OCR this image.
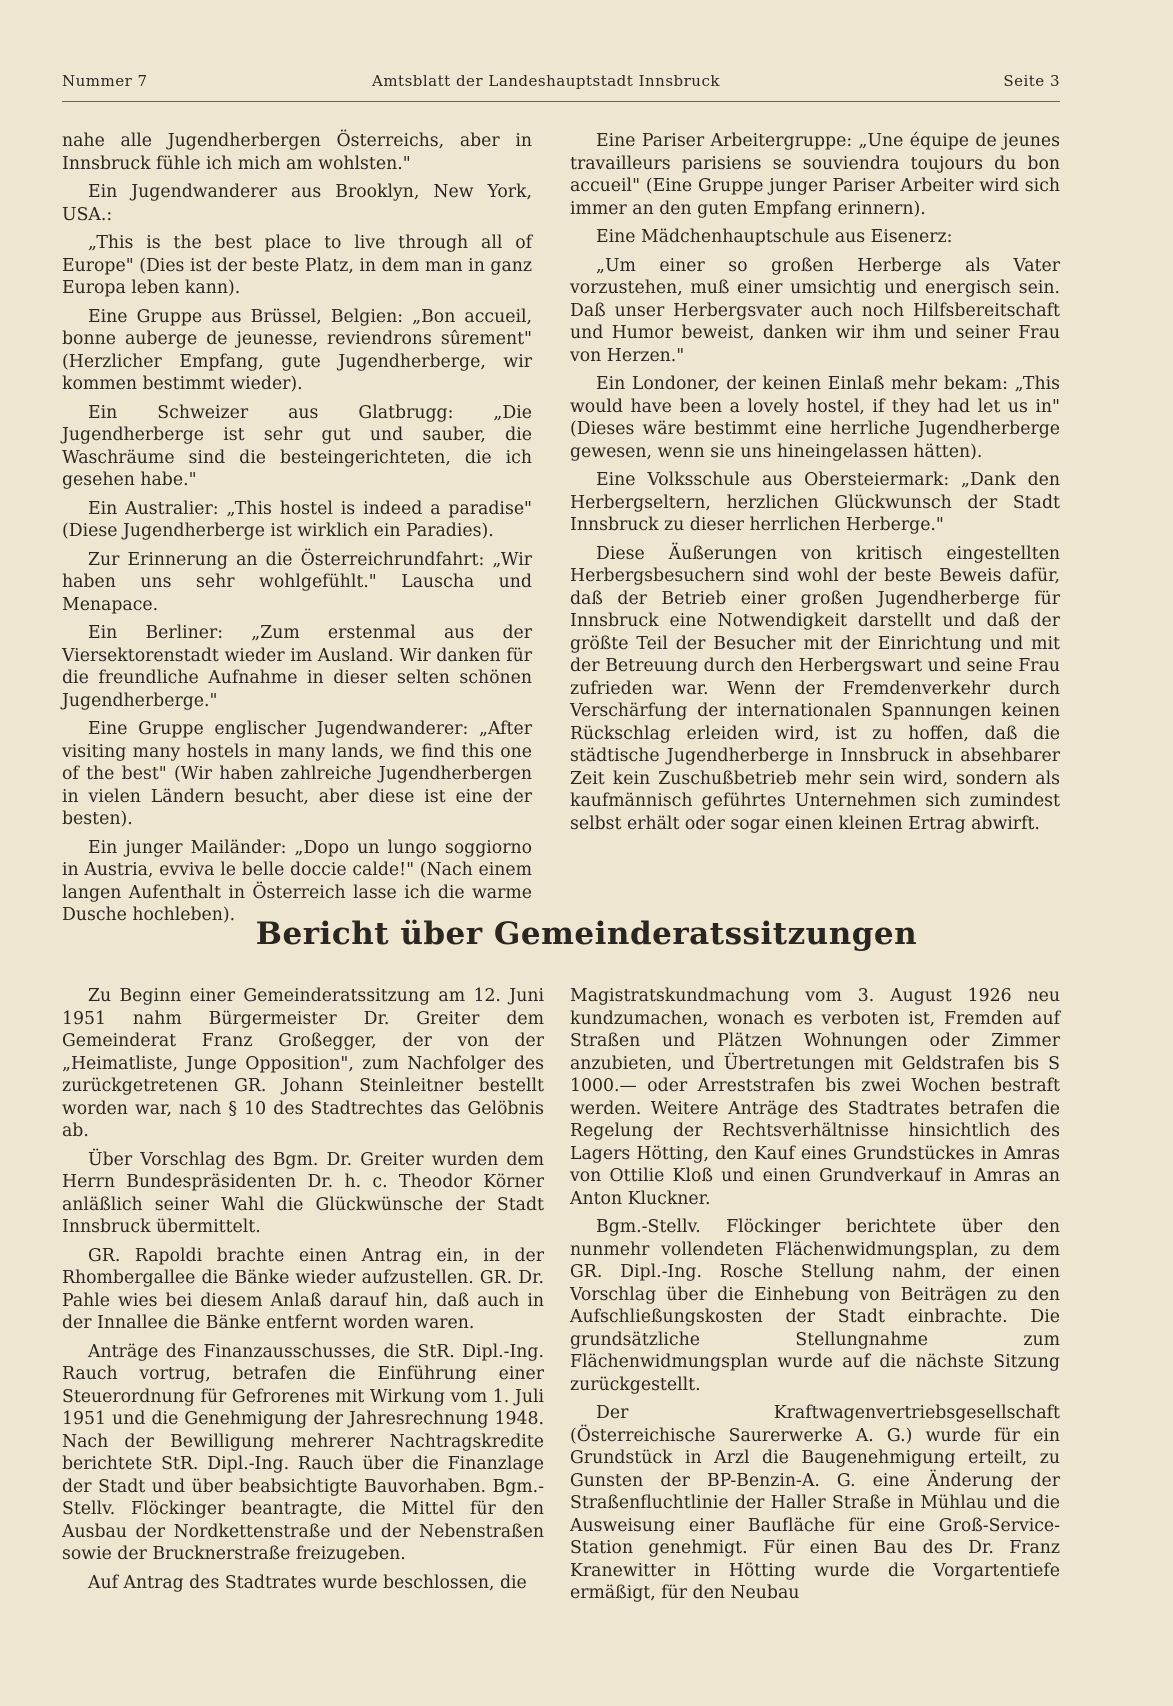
Nummer 7	Amtsblatt der Landeshauptstadt Innsbruck	Seite 3

nahe alle Jugendherbergen Österreichs, aber in Innsbruck fühle ich mich am wohlsten."

Ein Jugendwanderer aus Brooklyn, New York, USA.:

„This is the best place to live through all of Europe" (Dies ist der beste Platz, in dem man in ganz Europa leben kann).

Eine Gruppe aus Brüssel, Belgien: „Bon accueil, bonne auberge de jeunesse, reviendrons sûrement" (Herzlicher Empfang, gute Jugendherberge, wir kommen bestimmt wieder).

Ein Schweizer aus Glatbrugg: „Die Jugendherberge ist sehr gut und sauber, die Waschräume sind die besteingerichteten, die ich gesehen habe."

Ein Australier: „This hostel is indeed a paradise" (Diese Jugendherberge ist wirklich ein Paradies).

Zur Erinnerung an die Österreichrundfahrt: „Wir haben uns sehr wohlgefühlt." Lauscha und Menapace.

Ein Berliner: „Zum erstenmal aus der Viersektorenstadt wieder im Ausland. Wir danken für die freundliche Aufnahme in dieser selten schönen Jugendherberge."

Eine Gruppe englischer Jugendwanderer: „After visiting many hostels in many lands, we find this one of the best" (Wir haben zahlreiche Jugendherbergen in vielen Ländern besucht, aber diese ist eine der besten).

Ein junger Mailänder: „Dopo un lungo soggiorno in Austria, evviva le belle doccie calde!" (Nach einem langen Aufenthalt in Österreich lasse ich die warme Dusche hochleben).

Eine Pariser Arbeitergruppe: „Une équipe de jeunes travailleurs parisiens se souviendra toujours du bon accueil" (Eine Gruppe junger Pariser Arbeiter wird sich immer an den guten Empfang erinnern).

Eine Mädchenhauptschule aus Eisenerz:

„Um einer so großen Herberge als Vater vorzustehen, muß einer umsichtig und energisch sein. Daß unser Herbergsvater auch noch Hilfsbereitschaft und Humor beweist, danken wir ihm und seiner Frau von Herzen."

Ein Londoner, der keinen Einlaß mehr bekam: „This would have been a lovely hostel, if they had let us in" (Dieses wäre bestimmt eine herrliche Jugendherberge gewesen, wenn sie uns hineingelassen hätten).

Eine Volksschule aus Obersteiermark: „Dank den Herbergseltern, herzlichen Glückwunsch der Stadt Innsbruck zu dieser herrlichen Herberge."

Diese Äußerungen von kritisch eingestellten Herbergsbesuchern sind wohl der beste Beweis dafür, daß der Betrieb einer großen Jugendherberge für Innsbruck eine Notwendigkeit darstellt und daß der größte Teil der Besucher mit der Einrichtung und mit der Betreuung durch den Herbergswart und seine Frau zufrieden war. Wenn der Fremdenverkehr durch Verschärfung der internationalen Spannungen keinen Rückschlag erleiden wird, ist zu hoffen, daß die städtische Jugendherberge in Innsbruck in absehbarer Zeit kein Zuschußbetrieb mehr sein wird, sondern als kaufmännisch geführtes Unternehmen sich zumindest selbst erhält oder sogar einen kleinen Ertrag abwirft.

Bericht über Gemeinderatssitzungen

Zu Beginn einer Gemeinderatssitzung am 12. Juni 1951 nahm Bürgermeister Dr. Greiter dem Gemeinderat Franz Großegger, der von der „Heimatliste, Junge Opposition", zum Nachfolger des zurückgetretenen GR. Johann Steinleitner bestellt worden war, nach § 10 des Stadtrechtes das Gelöbnis ab.

Über Vorschlag des Bgm. Dr. Greiter wurden dem Herrn Bundespräsidenten Dr. h. c. Theodor Körner anläßlich seiner Wahl die Glückwünsche der Stadt Innsbruck übermittelt.

GR. Rapoldi brachte einen Antrag ein, in der Rhombergallee die Bänke wieder aufzustellen. GR. Dr. Pahle wies bei diesem Anlaß darauf hin, daß auch in der Innallee die Bänke entfernt worden waren.

Anträge des Finanzausschusses, die StR. Dipl.-Ing. Rauch vortrug, betrafen die Einführung einer Steuerordnung für Gefrorenes mit Wirkung vom 1. Juli 1951 und die Genehmigung der Jahresrechnung 1948. Nach der Bewilligung mehrerer Nachtragskredite berichtete StR. Dipl.-Ing. Rauch über die Finanzlage der Stadt und über beabsichtigte Bauvorhaben. Bgm.-Stellv. Flöckinger beantragte, die Mittel für den Ausbau der Nordkettenstraße und der Nebenstraßen sowie der Brucknerstraße freizugeben.

Auf Antrag des Stadtrates wurde beschlossen, die

Magistratskundmachung vom 3. August 1926 neu kundzumachen, wonach es verboten ist, Fremden auf Straßen und Plätzen Wohnungen oder Zimmer anzubieten, und Übertretungen mit Geldstrafen bis S 1000.— oder Arreststrafen bis zwei Wochen bestraft werden. Weitere Anträge des Stadtrates betrafen die Regelung der Rechtsverhältnisse hinsichtlich des Lagers Hötting, den Kauf eines Grundstückes in Amras von Ottilie Kloß und einen Grundverkauf in Amras an Anton Kluckner.

Bgm.-Stellv. Flöckinger berichtete über den nunmehr vollendeten Flächenwidmungsplan, zu dem GR. Dipl.-Ing. Rosche Stellung nahm, der einen Vorschlag über die Einhebung von Beiträgen zu den Aufschließungskosten der Stadt einbrachte. Die grundsätzliche Stellungnahme zum Flächenwidmungsplan wurde auf die nächste Sitzung zurückgestellt.

Der Kraftwagenvertriebsgesellschaft (Österreichische Saurerwerke A. G.) wurde für ein Grundstück in Arzl die Baugenehmigung erteilt, zu Gunsten der BP-Benzin-A. G. eine Änderung der Straßenfluchtlinie der Haller Straße in Mühlau und die Ausweisung einer Baufläche für eine Groß-Service-Station genehmigt. Für einen Bau des Dr. Franz Kranewitter in Hötting wurde die Vorgartentiefe ermäßigt, für den Neubau
